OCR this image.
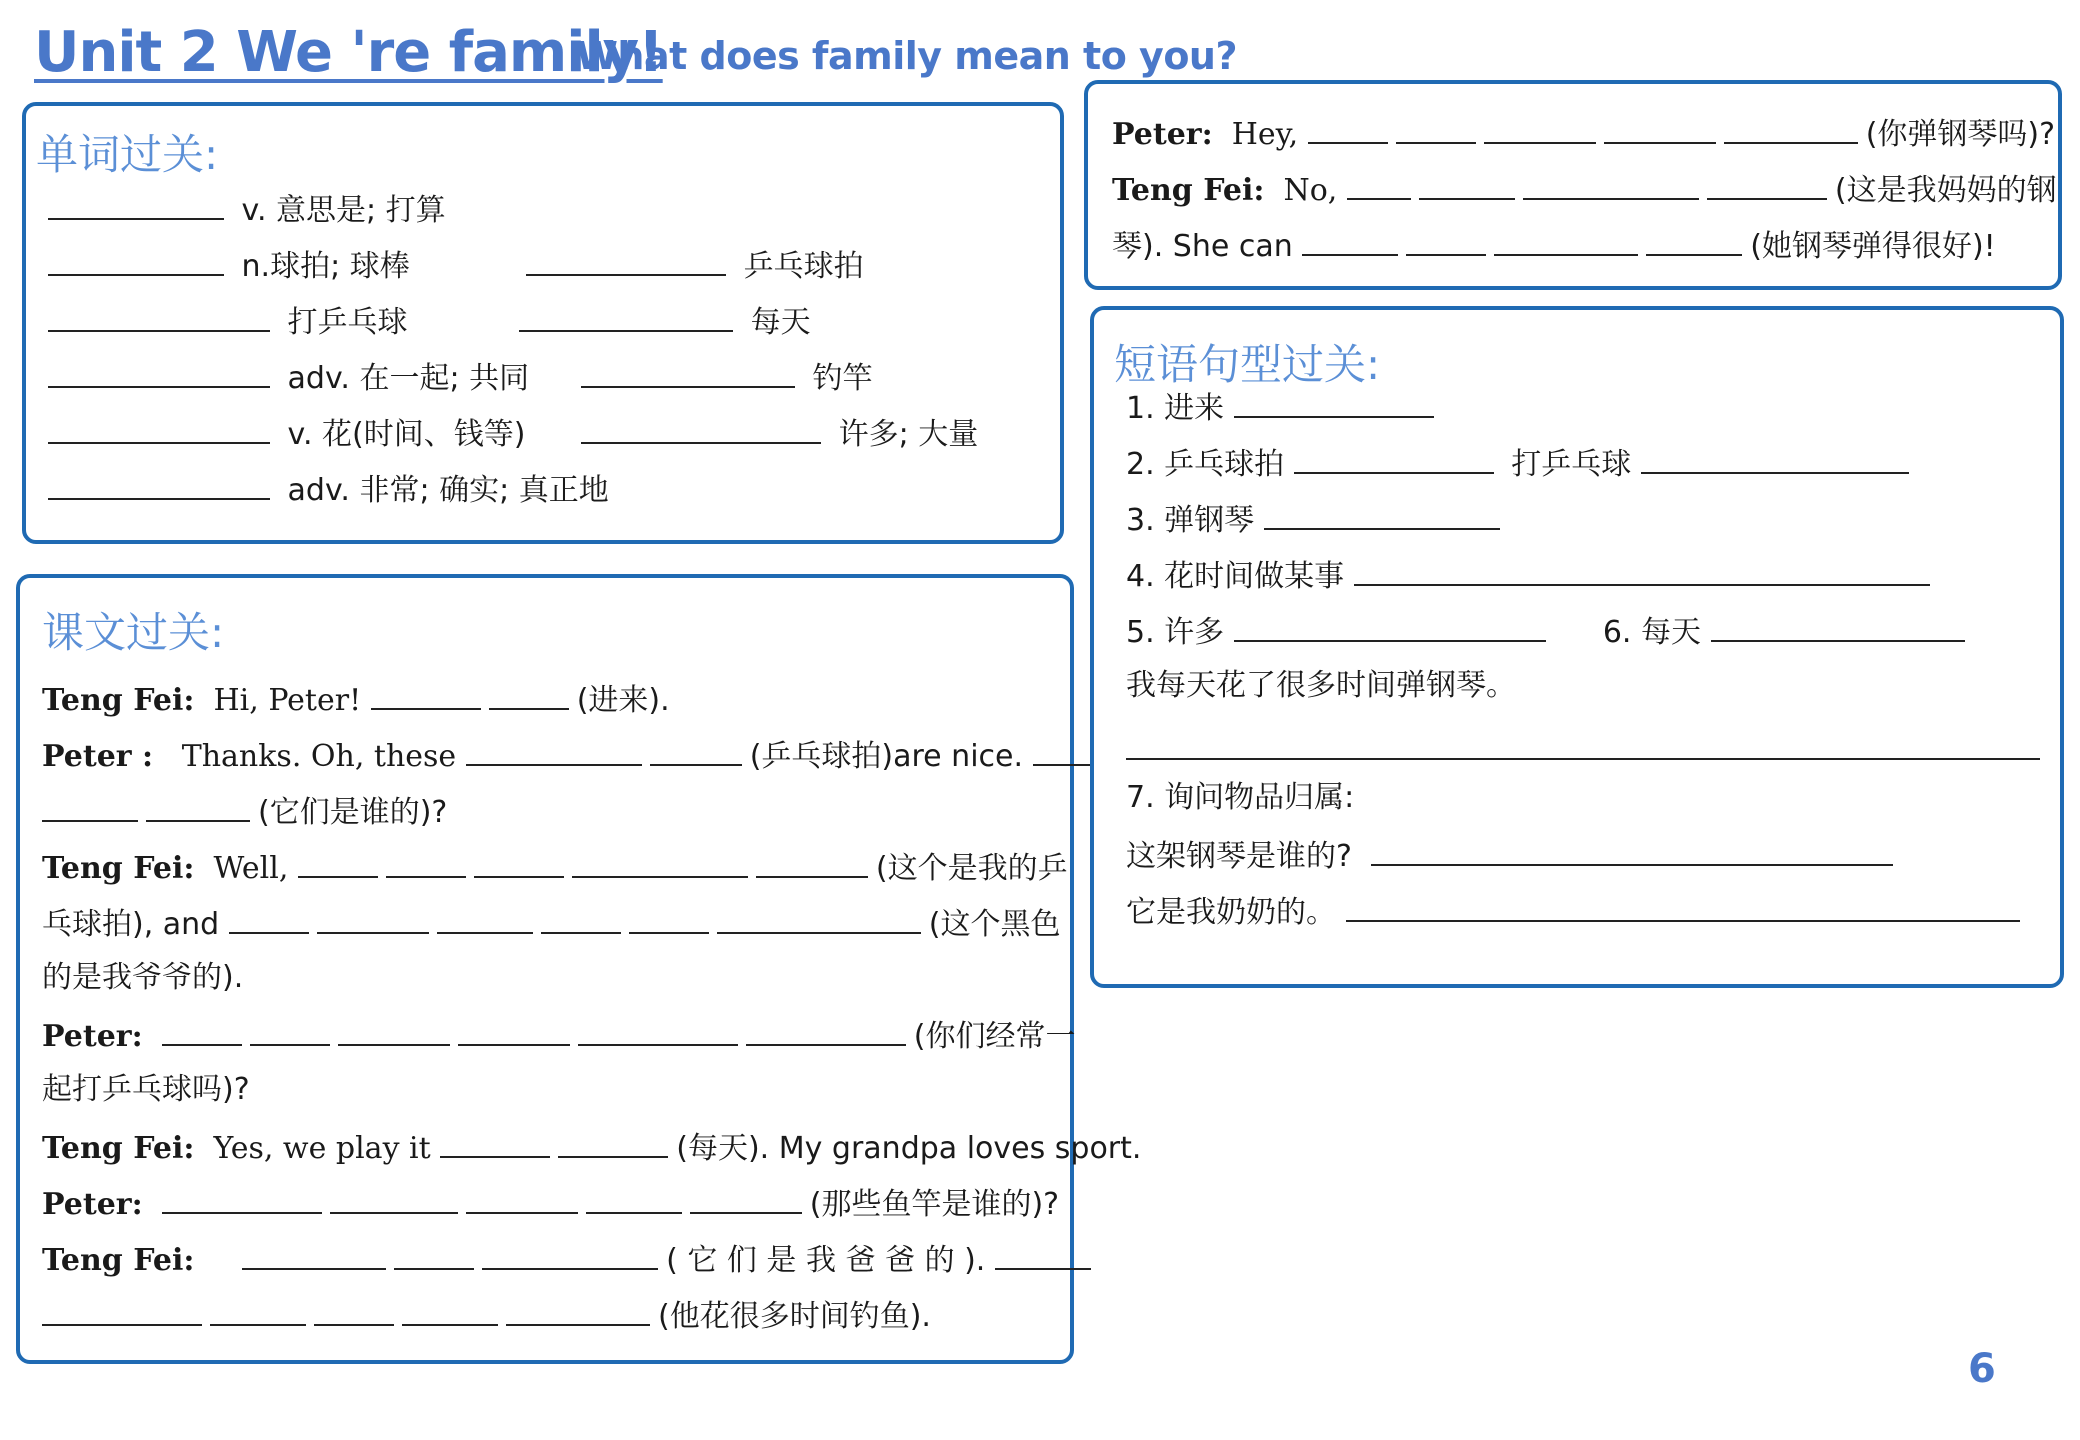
Unit 2 We 're family!
What does family mean to you?
单词过关:
v. 意思是; 打算
n.球拍; 球棒	乒乓球拍
打乒乓球	每天
adv. 在一起; 共同	钓竿
v. 花(时间、钱等)	许多; 大量
adv. 非常; 确实; 真正地
课文过关:
Teng Fei: Hi, Peter!	(进来).
Peter : Thanks. Oh, these	(乒乓球拍)are nice.
(它们是谁的)?
Teng Fei: Well,	(这个是我的乒
乓球拍), and	(这个黑色
的是我爷爷的).
Peter:	(你们经常一
起打乒乓球吗)?
Teng Fei: Yes, we play it	(每天). My grandpa loves sport.
Peter:	(那些鱼竿是谁的)?
Teng Fei:	( 它 们 是 我 爸 爸 的 ).
(他花很多时间钓鱼).
Peter: Hey,	(你弹钢琴吗)?
Teng Fei: No,	(这是我妈妈的钢
琴). She can	(她钢琴弹得很好)!
短语句型过关:
1. 进来
2. 乒乓球拍	打乒乓球
3. 弹钢琴
4. 花时间做某事
5. 许多	6. 每天
我每天花了很多时间弹钢琴。
7. 询问物品归属:
这架钢琴是谁的?
它是我奶奶的。
6
